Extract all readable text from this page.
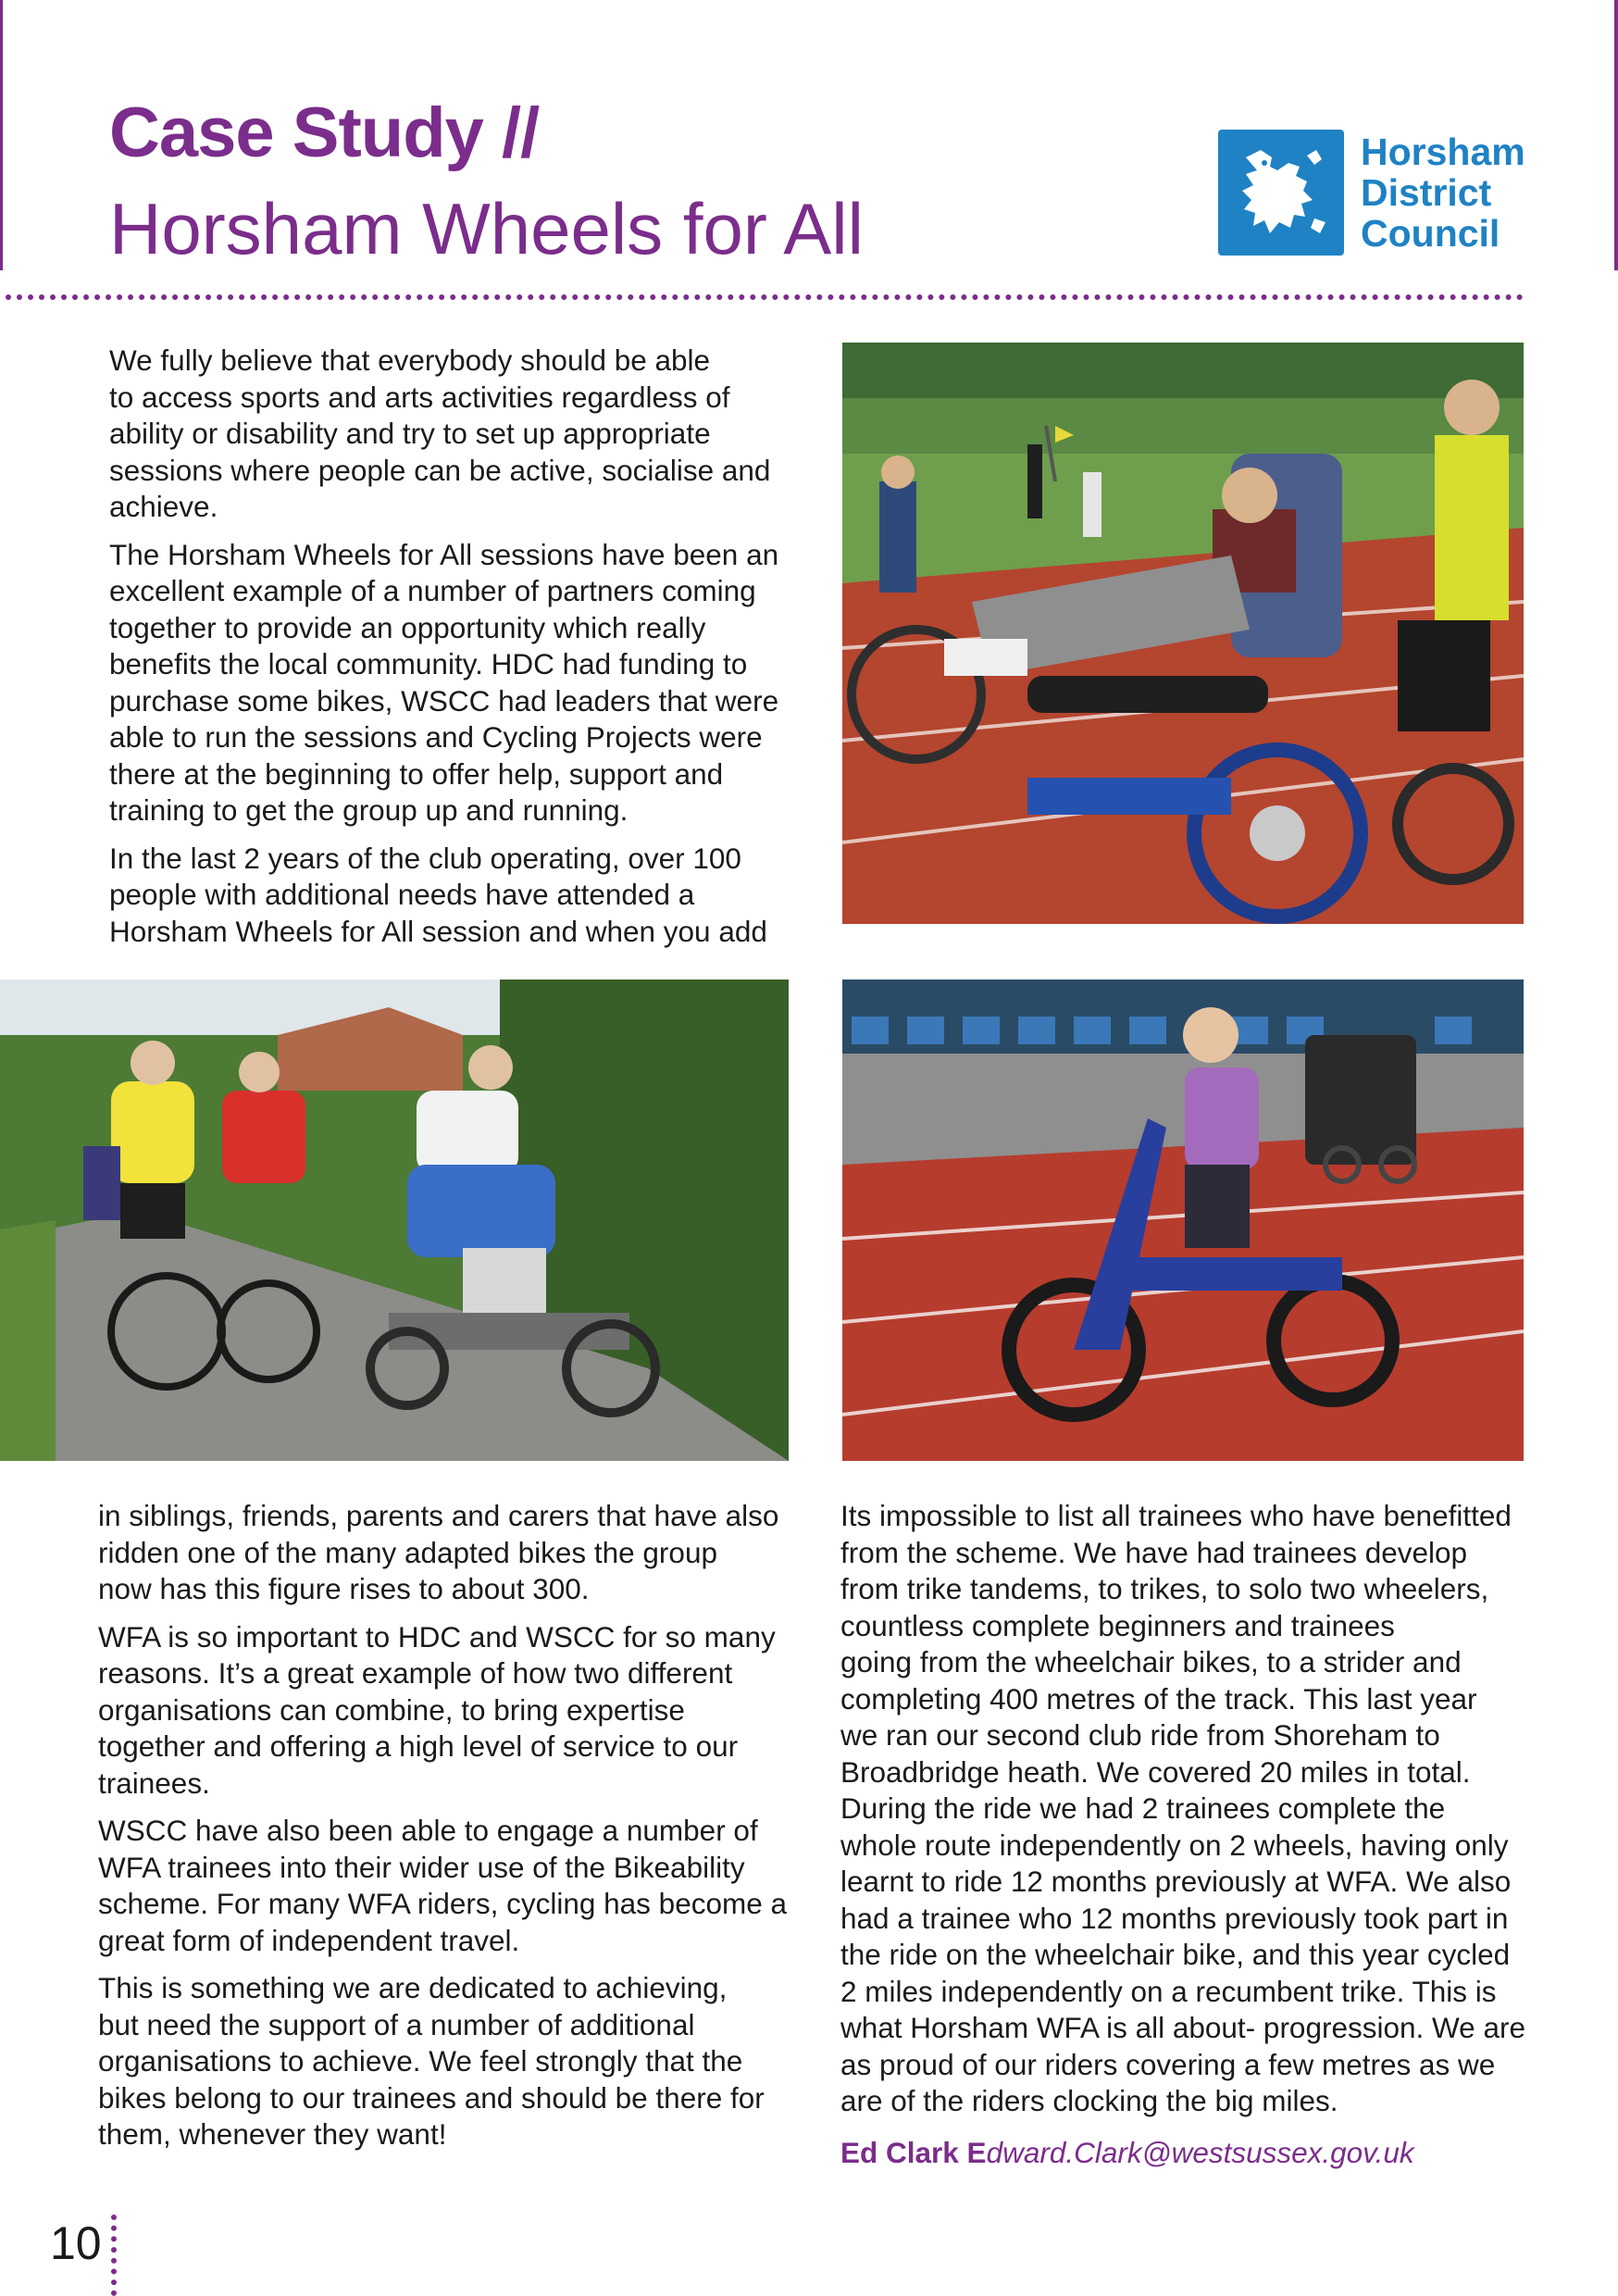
Case Study //
Horsham Wheels for All
Horsham
District
Council

We fully believe that everybody should be able
to access sports and arts activities regardless of
ability or disability and try to set up appropriate
sessions where people can be active, socialise and
achieve.

The Horsham Wheels for All sessions have been an
excellent example of a number of partners coming
together to provide an opportunity which really
benefits the local community. HDC had funding to
purchase some bikes, WSCC had leaders that were
able to run the sessions and Cycling Projects were
there at the beginning to offer help, support and
training to get the group up and running.

In the last 2 years of the club operating, over 100
people with additional needs have attended a
Horsham Wheels for All session and when you add

in siblings, friends, parents and carers that have also
ridden one of the many adapted bikes the group
now has this figure rises to about 300.

WFA is so important to HDC and WSCC for so many
reasons. It’s a great example of how two different
organisations can combine, to bring expertise
together and offering a high level of service to our
trainees.

WSCC have also been able to engage a number of
WFA trainees into their wider use of the Bikeability
scheme. For many WFA riders, cycling has become a
great form of independent travel.

This is something we are dedicated to achieving,
but need the support of a number of additional
organisations to achieve. We feel strongly that the
bikes belong to our trainees and should be there for
them, whenever they want!

Its impossible to list all trainees who have benefitted
from the scheme. We have had trainees develop
from trike tandems, to trikes, to solo two wheelers,
countless complete beginners and trainees
going from the wheelchair bikes, to a strider and
completing 400 metres of the track. This last year
we ran our second club ride from Shoreham to
Broadbridge heath. We covered 20 miles in total.
During the ride we had 2 trainees complete the
whole route independently on 2 wheels, having only
learnt to ride 12 months previously at WFA. We also
had a trainee who 12 months previously took part in
the ride on the wheelchair bike, and this year cycled
2 miles independently on a recumbent trike. This is
what Horsham WFA is all about- progression. We are
as proud of our riders covering a few metres as we
are of the riders clocking the big miles.

Ed Clark Edward.Clark@westsussex.gov.uk
10
